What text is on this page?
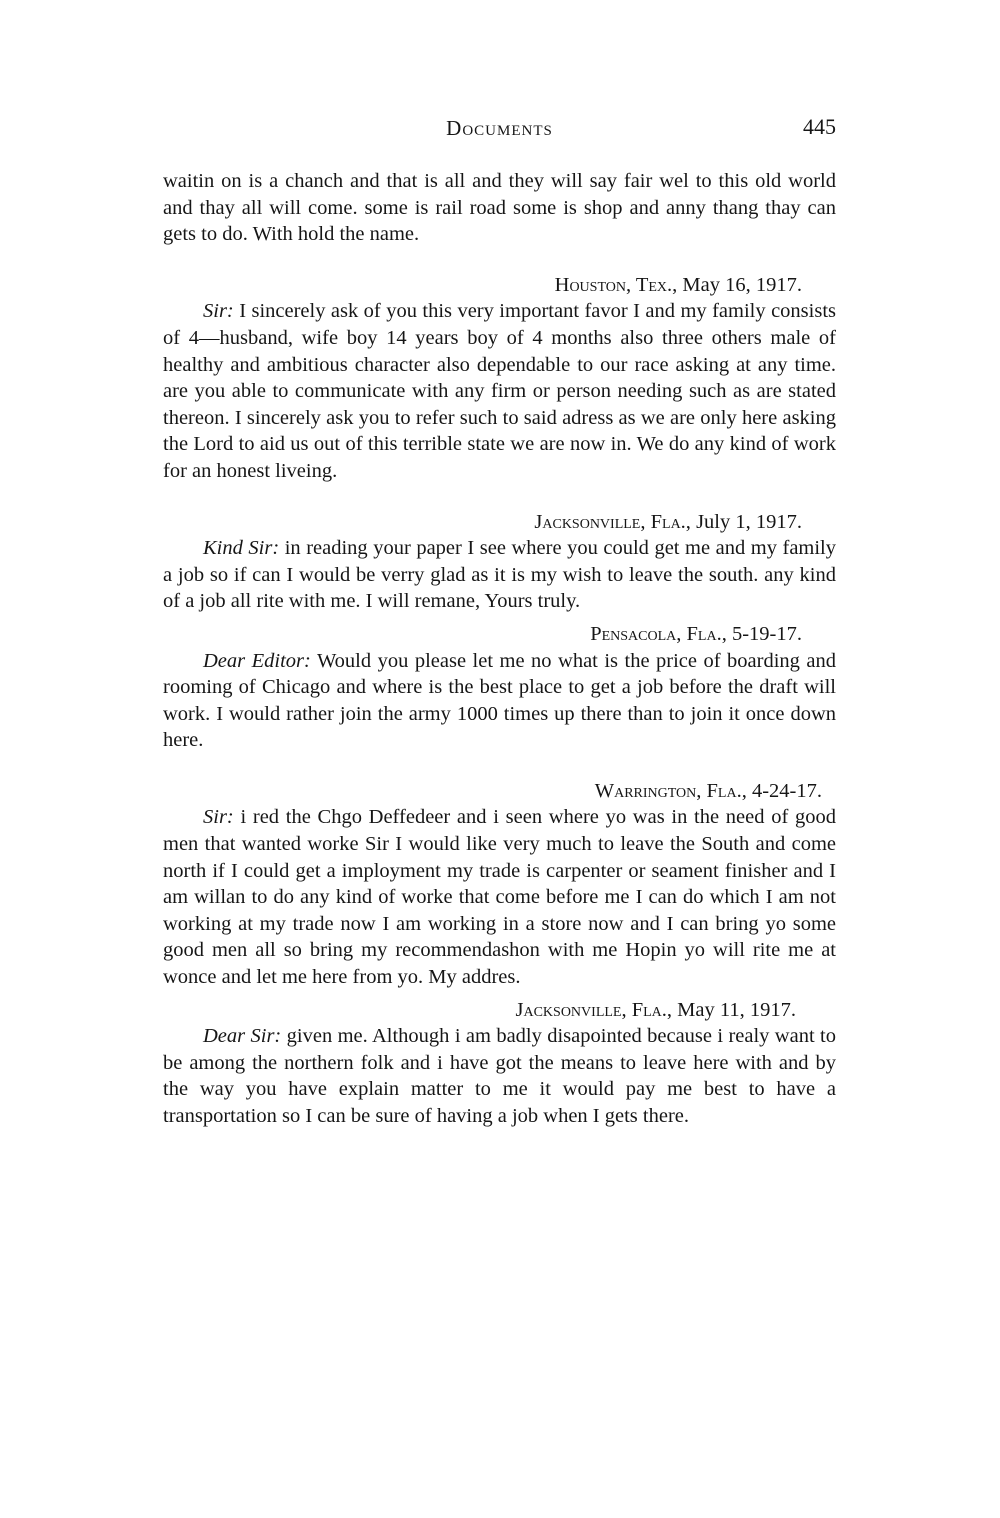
Documents	445

waitin on is a chanch and that is all and they will say fair wel to this old world and thay all will come. some is rail road some is shop and anny thang thay can gets to do. With hold the name.

Houston, Tex., May 16, 1917.

Sir: I sincerely ask of you this very important favor I and my family consists of 4—husband, wife boy 14 years boy of 4 months also three others male of healthy and ambitious character also dependable to our race asking at any time. are you able to communicate with any firm or person needing such as are stated thereon. I sincerely ask you to refer such to said adress as we are only here asking the Lord to aid us out of this terrible state we are now in. We do any kind of work for an honest liveing.

Jacksonville, Fla., July 1, 1917.

Kind Sir: in reading your paper I see where you could get me and my family a job so if can I would be verry glad as it is my wish to leave the south. any kind of a job all rite with me. I will remane, Yours truly.

Pensacola, Fla., 5-19-17.

Dear Editor: Would you please let me no what is the price of boarding and rooming of Chicago and where is the best place to get a job before the draft will work. I would rather join the army 1000 times up there than to join it once down here.

Warrington, Fla., 4-24-17.

Sir: i red the Chgo Deffedeer and i seen where yo was in the need of good men that wanted worke Sir I would like very much to leave the South and come north if I could get a imployment my trade is carpenter or seament finisher and I am willan to do any kind of worke that come before me I can do which I am not working at my trade now I am working in a store now and I can bring yo some good men all so bring my recommendashon with me Hopin yo will rite me at wonce and let me here from yo. My addres.

Jacksonville, Fla., May 11, 1917.

Dear Sir: given me. Although i am badly disapointed because i realy want to be among the northern folk and i have got the means to leave here with and by the way you have explain matter to me it would pay me best to have a transportation so I can be sure of having a job when I gets there.
